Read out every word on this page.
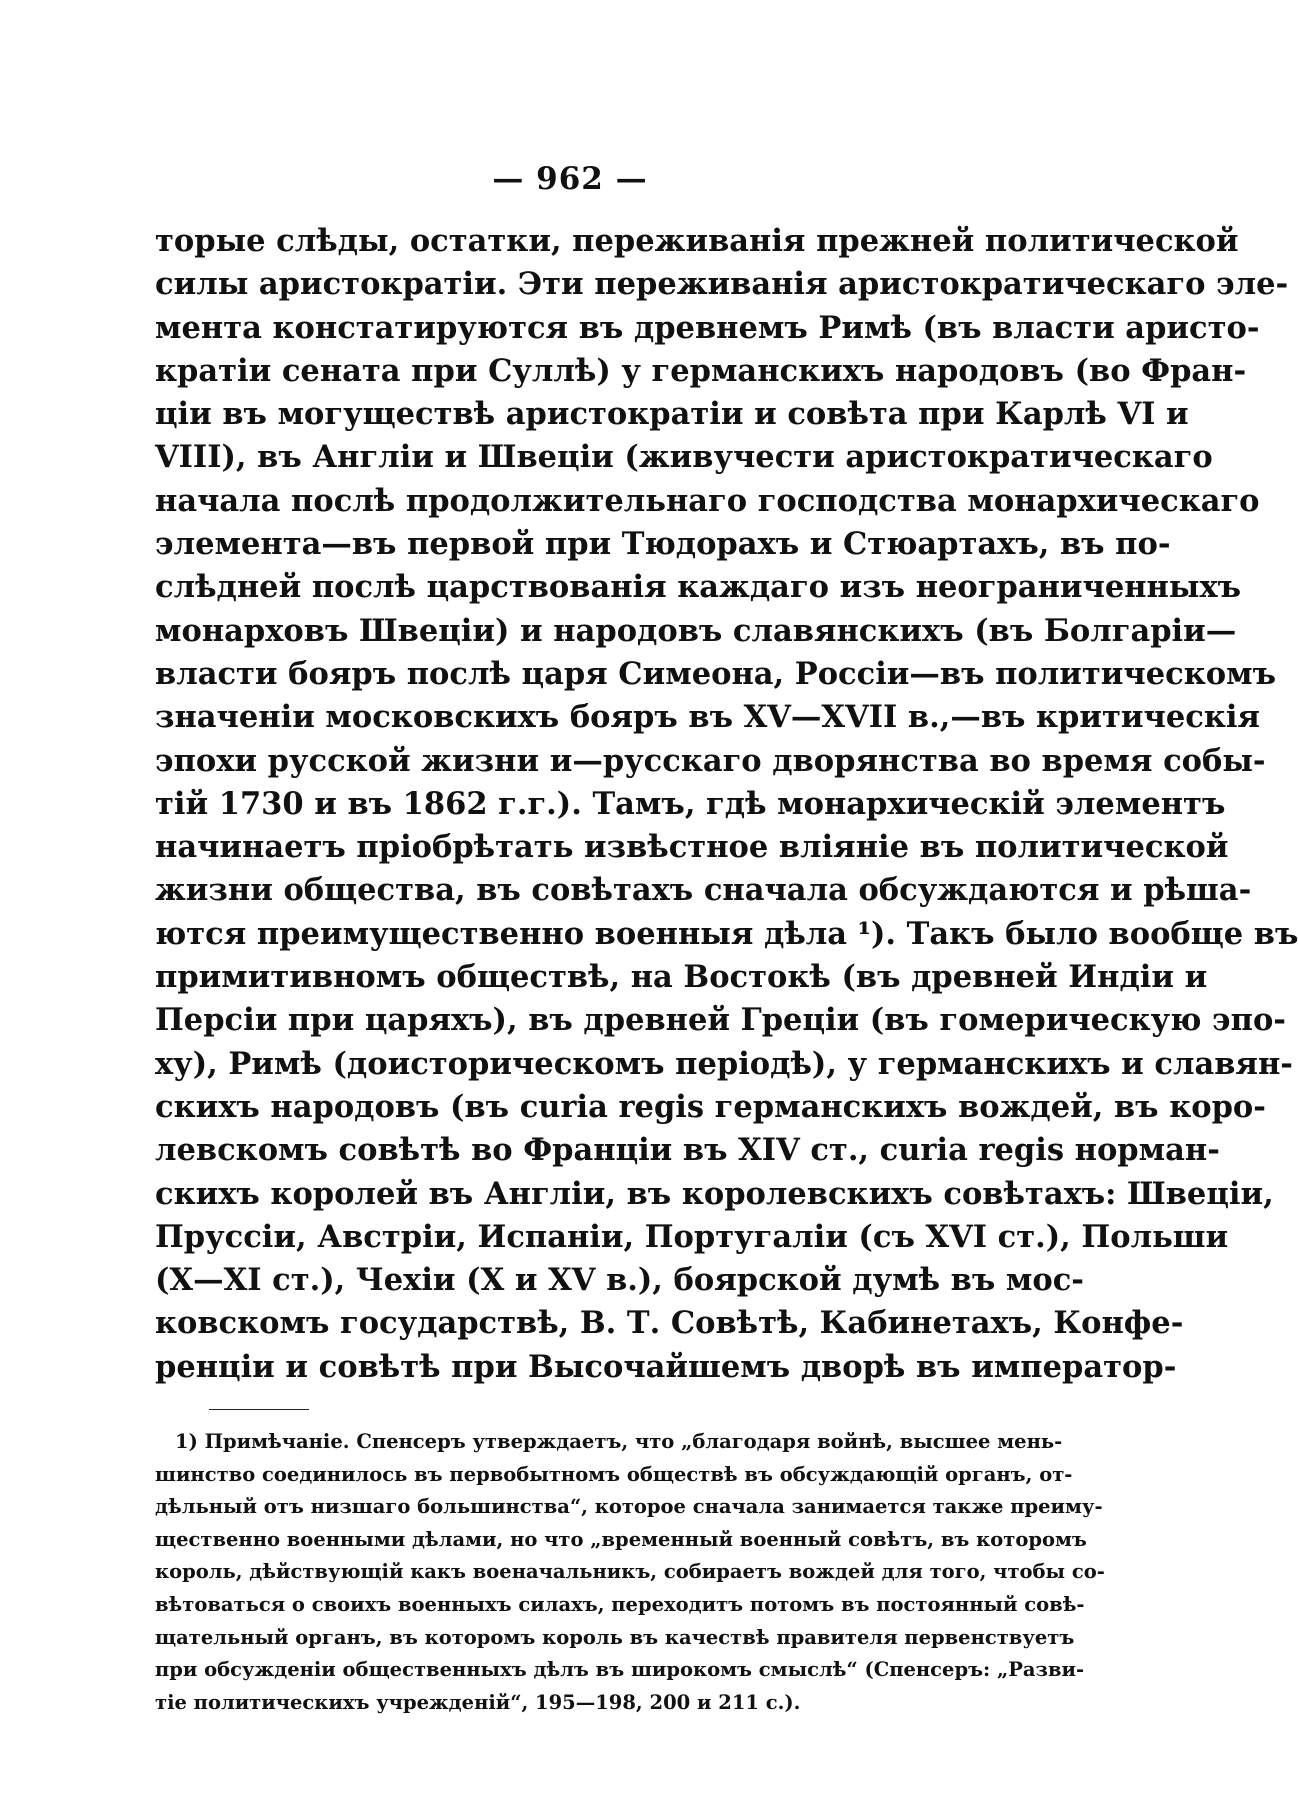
— 962 —
торые слѣды, остатки, переживанія прежней политической
силы аристократіи. Эти переживанія аристократическаго эле-
мента констатируются въ древнемъ Римѣ (въ власти аристо-
кратіи сената при Суллѣ) у германскихъ народовъ (во Фран-
ціи въ могуществѣ аристократіи и совѣта при Карлѣ VI и
VIII), въ Англіи и Швеціи (живучести аристократическаго
начала послѣ продолжительнаго господства монархическаго
элемента—въ первой при Тюдорахъ и Стюартахъ, въ по-
слѣдней послѣ царствованія каждаго изъ неограниченныхъ
монарховъ Швеціи) и народовъ славянскихъ (въ Болгаріи—
власти бояръ послѣ царя Симеона, Россіи—въ политическомъ
значеніи московскихъ бояръ въ XV—XVII в.,—въ критическія
эпохи русской жизни и—русскаго дворянства во время собы-
тій 1730 и въ 1862 г.г.). Тамъ, гдѣ монархическій элементъ
начинаетъ пріобрѣтать извѣстное вліяніе въ политической
жизни общества, въ совѣтахъ сначала обсуждаются и рѣша-
ются преимущественно военныя дѣла ¹). Такъ было вообще въ
примитивномъ обществѣ, на Востокѣ (въ древней Индіи и
Персіи при царяхъ), въ древней Греціи (въ гомерическую эпо-
ху), Римѣ (доисторическомъ періодѣ), у германскихъ и славян-
скихъ народовъ (въ curia regis германскихъ вождей, въ коро-
левскомъ совѣтѣ во Франціи въ XIV ст., curia regis норман-
скихъ королей въ Англіи, въ королевскихъ совѣтахъ: Швеціи,
Пруссіи, Австріи, Испаніи, Португаліи (съ XVI ст.), Польши
(X—XI ст.), Чехіи (X и XV в.), боярской думѣ въ мос-
ковскомъ государствѣ, В. Т. Совѣтѣ, Кабинетахъ, Конфе-
ренціи и совѣтѣ при Высочайшемъ дворѣ въ император-
1) Примѣчаніе. Спенсеръ утверждаетъ, что „благодаря войнѣ, высшее мень-
шинство соединилось въ первобытномъ обществѣ въ обсуждающій органъ, от-
дѣльный отъ низшаго большинства“, которое сначала занимается также преиму-
щественно военными дѣлами, но что „временный военный совѣтъ, въ которомъ
король, дѣйствующій какъ военачальникъ, собираетъ вождей для того, чтобы со-
вѣтоваться о своихъ военныхъ силахъ, переходитъ потомъ въ постоянный совѣ-
щательный органъ, въ которомъ король въ качествѣ правителя первенствуетъ
при обсужденіи общественныхъ дѣлъ въ широкомъ смыслѣ“ (Спенсеръ: „Разви-
тіе политическихъ учрежденій“, 195—198, 200 и 211 с.).
